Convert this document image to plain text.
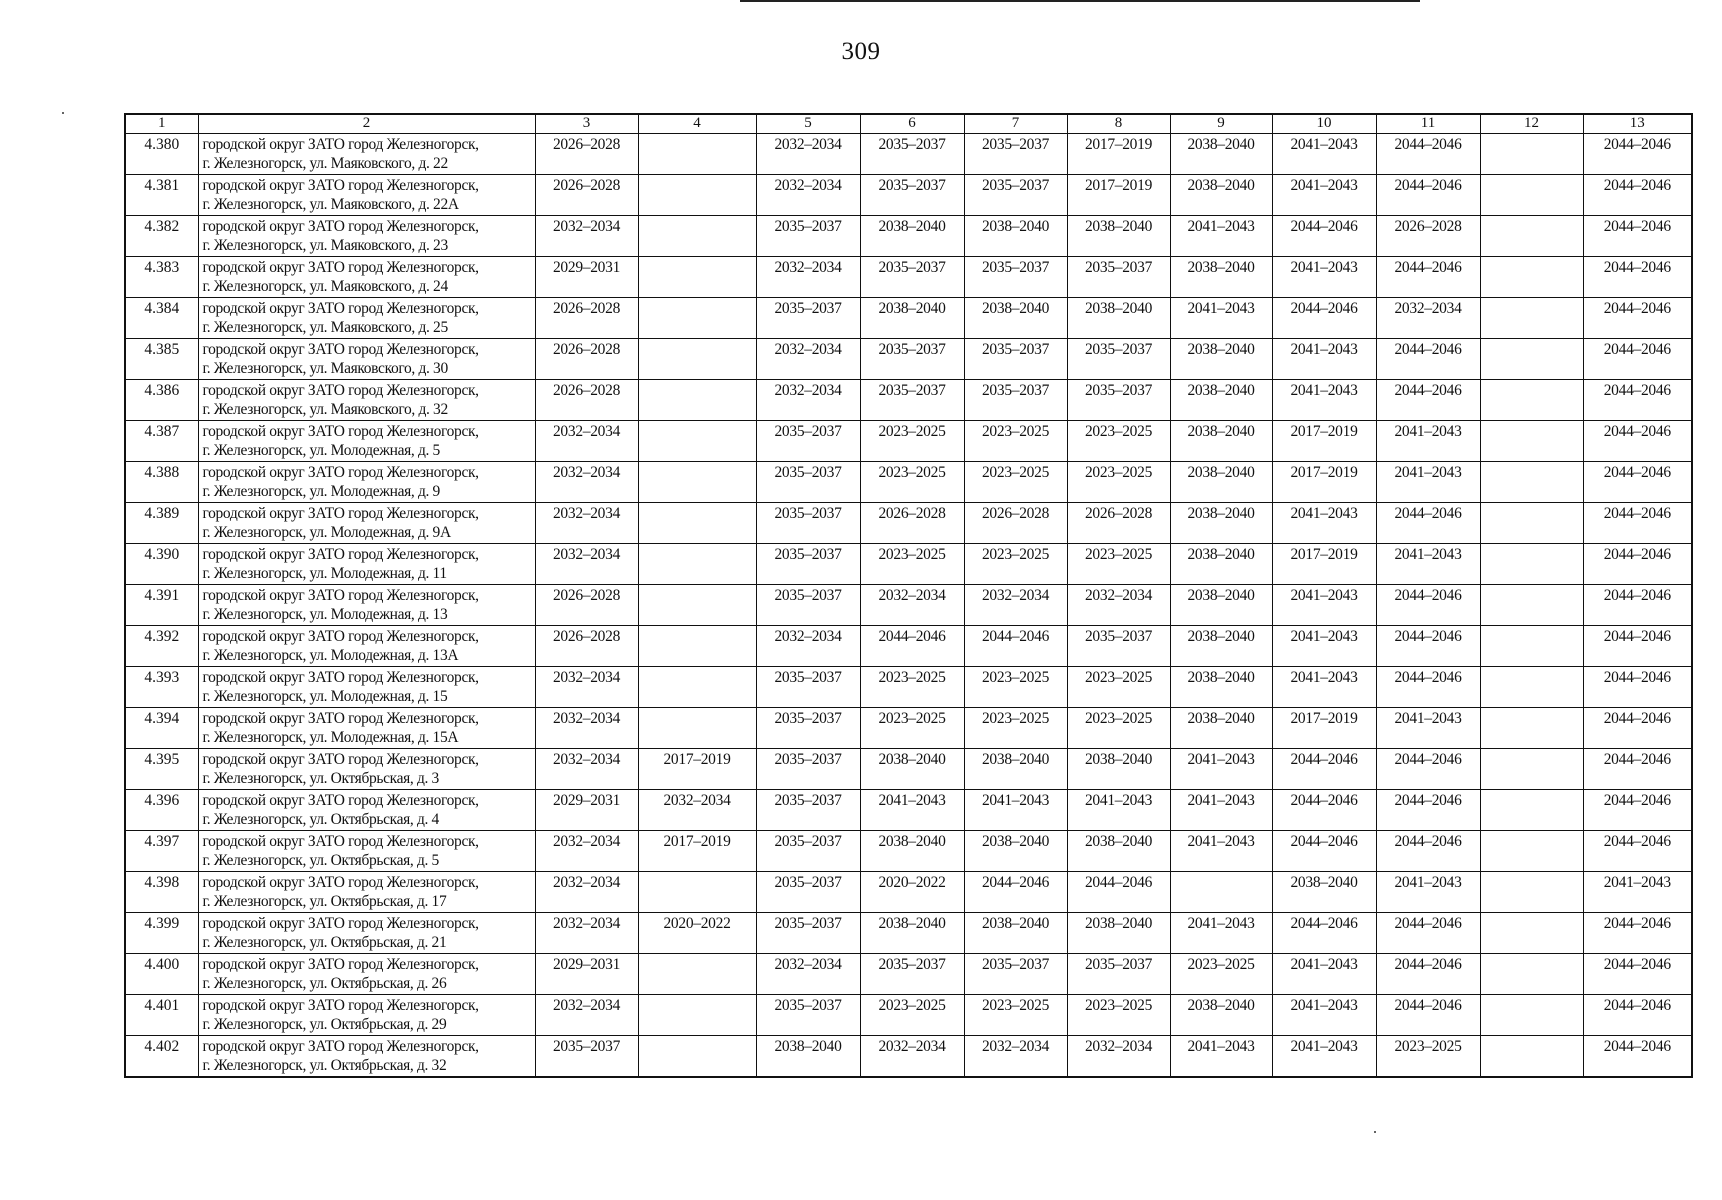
309
1	2	3	4	5	6	7	8	9	10	11	12	13
4.380	городской округ ЗАТО город Железногорск,
г. Железногорск, ул. Маяковского, д. 22	2026–2028		2032–2034	2035–2037	2035–2037	2017–2019	2038–2040	2041–2043	2044–2046		2044–2046
4.381	городской округ ЗАТО город Железногорск,
г. Железногорск, ул. Маяковского, д. 22А	2026–2028		2032–2034	2035–2037	2035–2037	2017–2019	2038–2040	2041–2043	2044–2046		2044–2046
4.382	городской округ ЗАТО город Железногорск,
г. Железногорск, ул. Маяковского, д. 23	2032–2034		2035–2037	2038–2040	2038–2040	2038–2040	2041–2043	2044–2046	2026–2028		2044–2046
4.383	городской округ ЗАТО город Железногорск,
г. Железногорск, ул. Маяковского, д. 24	2029–2031		2032–2034	2035–2037	2035–2037	2035–2037	2038–2040	2041–2043	2044–2046		2044–2046
4.384	городской округ ЗАТО город Железногорск,
г. Железногорск, ул. Маяковского, д. 25	2026–2028		2035–2037	2038–2040	2038–2040	2038–2040	2041–2043	2044–2046	2032–2034		2044–2046
4.385	городской округ ЗАТО город Железногорск,
г. Железногорск, ул. Маяковского, д. 30	2026–2028		2032–2034	2035–2037	2035–2037	2035–2037	2038–2040	2041–2043	2044–2046		2044–2046
4.386	городской округ ЗАТО город Железногорск,
г. Железногорск, ул. Маяковского, д. 32	2026–2028		2032–2034	2035–2037	2035–2037	2035–2037	2038–2040	2041–2043	2044–2046		2044–2046
4.387	городской округ ЗАТО город Железногорск,
г. Железногорск, ул. Молодежная, д. 5	2032–2034		2035–2037	2023–2025	2023–2025	2023–2025	2038–2040	2017–2019	2041–2043		2044–2046
4.388	городской округ ЗАТО город Железногорск,
г. Железногорск, ул. Молодежная, д. 9	2032–2034		2035–2037	2023–2025	2023–2025	2023–2025	2038–2040	2017–2019	2041–2043		2044–2046
4.389	городской округ ЗАТО город Железногорск,
г. Железногорск, ул. Молодежная, д. 9А	2032–2034		2035–2037	2026–2028	2026–2028	2026–2028	2038–2040	2041–2043	2044–2046		2044–2046
4.390	городской округ ЗАТО город Железногорск,
г. Железногорск, ул. Молодежная, д. 11	2032–2034		2035–2037	2023–2025	2023–2025	2023–2025	2038–2040	2017–2019	2041–2043		2044–2046
4.391	городской округ ЗАТО город Железногорск,
г. Железногорск, ул. Молодежная, д. 13	2026–2028		2035–2037	2032–2034	2032–2034	2032–2034	2038–2040	2041–2043	2044–2046		2044–2046
4.392	городской округ ЗАТО город Железногорск,
г. Железногорск, ул. Молодежная, д. 13А	2026–2028		2032–2034	2044–2046	2044–2046	2035–2037	2038–2040	2041–2043	2044–2046		2044–2046
4.393	городской округ ЗАТО город Железногорск,
г. Железногорск, ул. Молодежная, д. 15	2032–2034		2035–2037	2023–2025	2023–2025	2023–2025	2038–2040	2041–2043	2044–2046		2044–2046
4.394	городской округ ЗАТО город Железногорск,
г. Железногорск, ул. Молодежная, д. 15А	2032–2034		2035–2037	2023–2025	2023–2025	2023–2025	2038–2040	2017–2019	2041–2043		2044–2046
4.395	городской округ ЗАТО город Железногорск,
г. Железногорск, ул. Октябрьская, д. 3	2032–2034	2017–2019	2035–2037	2038–2040	2038–2040	2038–2040	2041–2043	2044–2046	2044–2046		2044–2046
4.396	городской округ ЗАТО город Железногорск,
г. Железногорск, ул. Октябрьская, д. 4	2029–2031	2032–2034	2035–2037	2041–2043	2041–2043	2041–2043	2041–2043	2044–2046	2044–2046		2044–2046
4.397	городской округ ЗАТО город Железногорск,
г. Железногорск, ул. Октябрьская, д. 5	2032–2034	2017–2019	2035–2037	2038–2040	2038–2040	2038–2040	2041–2043	2044–2046	2044–2046		2044–2046
4.398	городской округ ЗАТО город Железногорск,
г. Железногорск, ул. Октябрьская, д. 17	2032–2034		2035–2037	2020–2022	2044–2046	2044–2046		2038–2040	2041–2043		2041–2043
4.399	городской округ ЗАТО город Железногорск,
г. Железногорск, ул. Октябрьская, д. 21	2032–2034	2020–2022	2035–2037	2038–2040	2038–2040	2038–2040	2041–2043	2044–2046	2044–2046		2044–2046
4.400	городской округ ЗАТО город Железногорск,
г. Железногорск, ул. Октябрьская, д. 26	2029–2031		2032–2034	2035–2037	2035–2037	2035–2037	2023–2025	2041–2043	2044–2046		2044–2046
4.401	городской округ ЗАТО город Железногорск,
г. Железногорск, ул. Октябрьская, д. 29	2032–2034		2035–2037	2023–2025	2023–2025	2023–2025	2038–2040	2041–2043	2044–2046		2044–2046
4.402	городской округ ЗАТО город Железногорск,
г. Железногорск, ул. Октябрьская, д. 32	2035–2037		2038–2040	2032–2034	2032–2034	2032–2034	2041–2043	2041–2043	2023–2025		2044–2046
